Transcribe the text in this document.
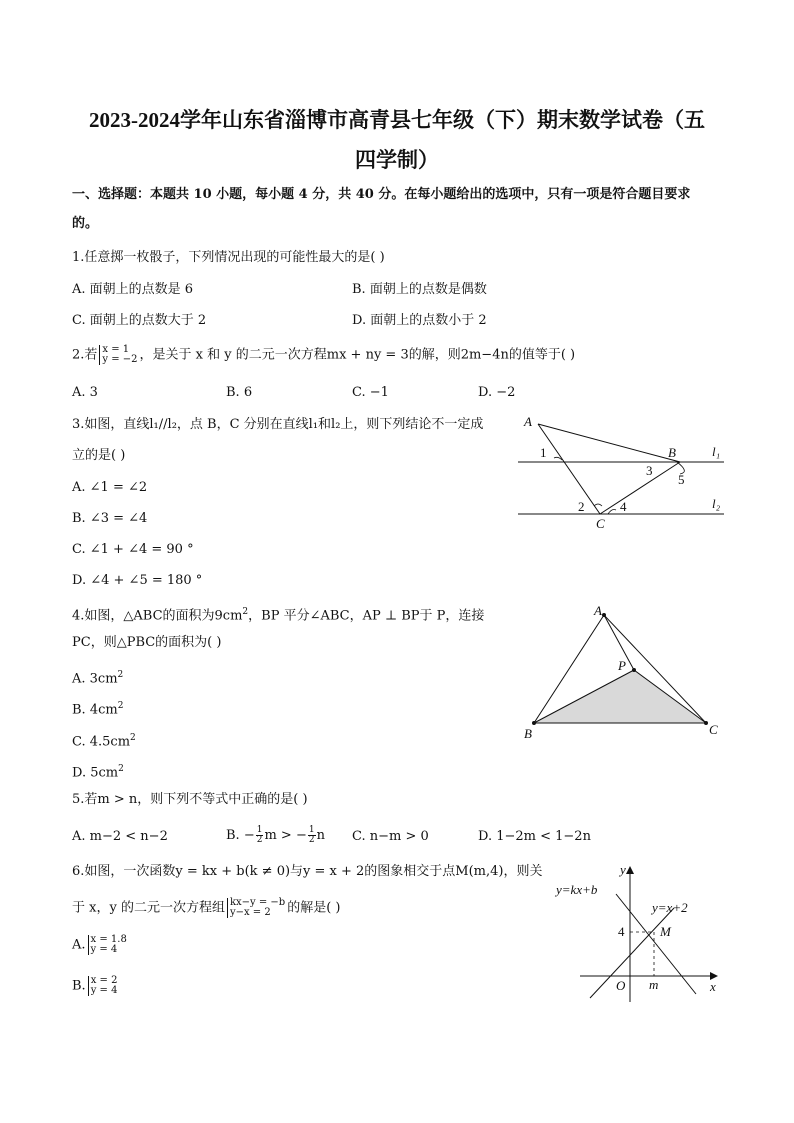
2023-2024学年山东省淄博市高青县七年级（下）期末数学试卷（五
四学制）
一、选择题：本题共 10 小题，每小题 4 分，共 40 分。在每小题给出的选项中，只有一项是符合题目要求
的。
1.任意掷一枚骰子，下列情况出现的可能性最大的是( )
A. 面朝上的点数是 6	B. 面朝上的点数是偶数
C. 面朝上的点数大于 2	D. 面朝上的点数小于 2
2.若 x = 1
y = −2 ，是关于 x 和 y 的二元一次方程mx + ny = 3的解，则2m−4n的值等于( )
A. 3	B. 6	C. −1	D. −2
3.如图，直线l₁//l₂，点 B，C 分别在直线l₁和l₂上，则下列结论不一定成
立的是( )
A. ∠1 = ∠2
B. ∠3 = ∠4
C. ∠1 + ∠4 = 90 °
D. ∠4 + ∠5 = 180 °
A
B
C
1
2
3
4
5
l₁
l₂
4.如图，△ABC的面积为$9cm^2$，BP 平分∠ABC，AP ⊥ BP于 P，连接
PC，则△PBC的面积为( )
A. $3cm^2$
B. $4cm^2$
C. $4.5cm^2$
D. $5cm^2$
A
B	C
P
5.若m > n，则下列不等式中正确的是( )
A. m−2 < n−2	B. − $\frac{1}{2}$ m > − $\frac{1}{2}$ n C. n−m > 0	D. 1−2m < 1−2n
6.如图，一次函数y = kx + b(k ≠ 0)与y = x + 2的图象相交于点M(m,4)，则关
于 x，y 的二元一次方程组 kx−y = −b
y−x = 2	的解是( )
A. x = 1.8
y = 4
B. x = 2
y = 4
y
x
O
M
m
4
y=kx+b
y=x+2
